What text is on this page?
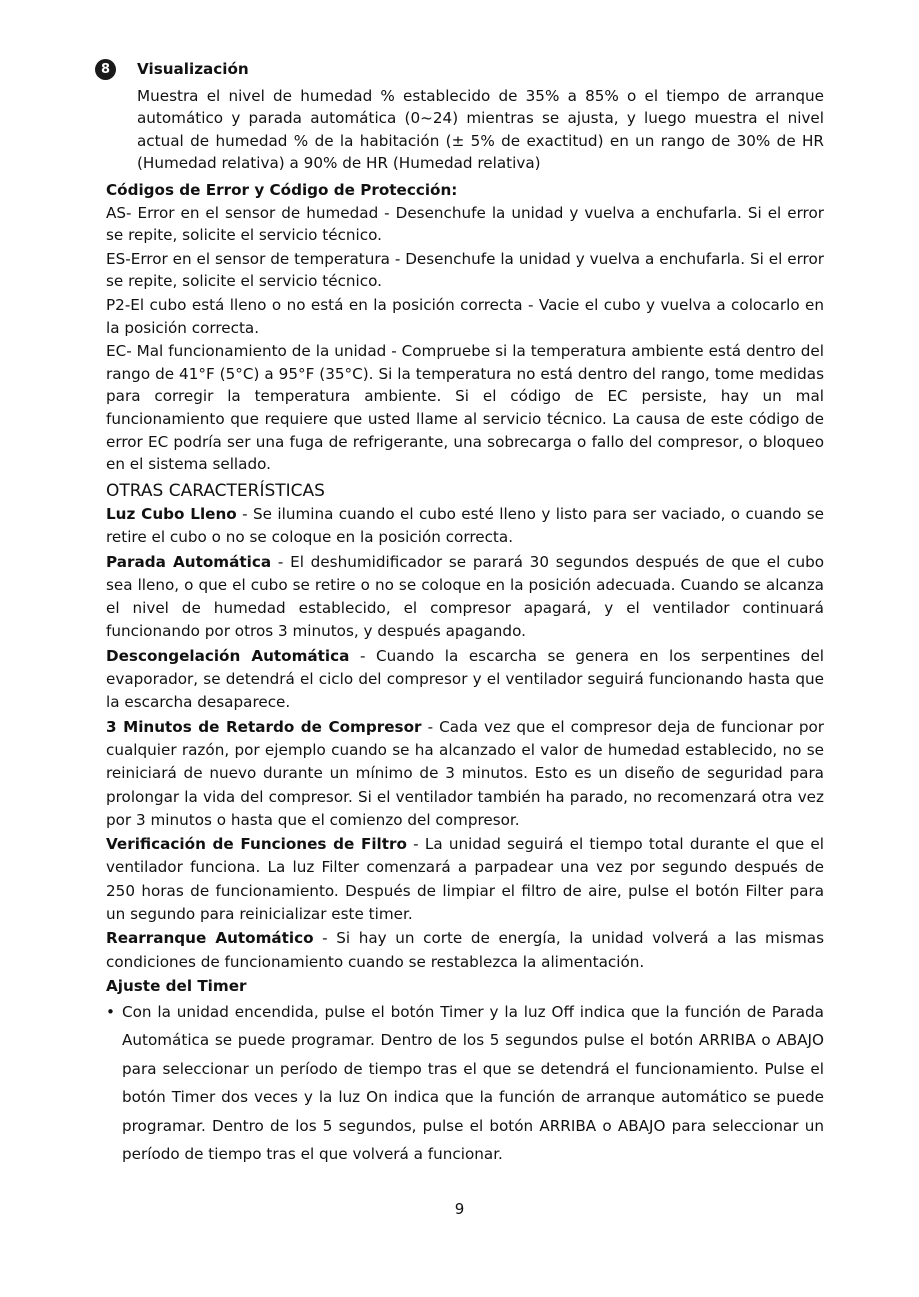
8	Visualización

Muestra el nivel de humedad % establecido de 35% a 85% o el tiempo de arranque automático y parada automática (0~24) mientras se ajusta, y luego muestra el nivel actual de humedad % de la habitación (± 5% de exactitud) en un rango de 30% de HR (Humedad relativa) a 90% de HR (Humedad relativa)

Códigos de Error y Código de Protección:

AS- Error en el sensor de humedad - Desenchufe la unidad y vuelva a enchufarla. Si el error se repite, solicite el servicio técnico.

ES-Error en el sensor de temperatura - Desenchufe la unidad y vuelva a enchufarla. Si el error se repite, solicite el servicio técnico.

P2-El cubo está lleno o no está en la posición correcta - Vacie el cubo y vuelva a colocarlo en la posición correcta.

EC- Mal funcionamiento de la unidad - Compruebe si la temperatura ambiente está dentro del rango de 41°F (5°C) a 95°F (35°C). Si la temperatura no está dentro del rango, tome medidas para corregir la temperatura ambiente. Si el código de EC persiste, hay un mal funcionamiento que requiere que usted llame al servicio técnico. La causa de este código de error EC podría ser una fuga de refrigerante, una sobrecarga o fallo del compresor, o bloqueo en el sistema sellado.

OTRAS CARACTERÍSTICAS

Luz Cubo Lleno - Se ilumina cuando el cubo esté lleno y listo para ser vaciado, o cuando se retire el cubo o no se coloque en la posición correcta.

Parada Automática - El deshumidificador se parará 30 segundos después de que el cubo sea lleno, o que el cubo se retire o no se coloque en la posición adecuada. Cuando se alcanza el nivel de humedad establecido, el compresor apagará, y el ventilador continuará funcionando por otros 3 minutos, y después apagando.

Descongelación Automática - Cuando la escarcha se genera en los serpentines del evaporador, se detendrá el ciclo del compresor y el ventilador seguirá funcionando hasta que la escarcha desaparece.

3 Minutos de Retardo de Compresor - Cada vez que el compresor deja de funcionar por cualquier razón, por ejemplo cuando se ha alcanzado el valor de humedad establecido, no se reiniciará de nuevo durante un mínimo de 3 minutos. Esto es un diseño de seguridad para prolongar la vida del compresor. Si el ventilador también ha parado, no recomenzará otra vez por 3 minutos o hasta que el comienzo del compresor.

Verificación de Funciones de Filtro - La unidad seguirá el tiempo total durante el que el ventilador funciona. La luz Filter comenzará a parpadear una vez por segundo después de 250 horas de funcionamiento. Después de limpiar el filtro de aire, pulse el botón Filter para un segundo para reinicializar este timer.

Rearranque Automático - Si hay un corte de energía, la unidad volverá a las mismas condiciones de funcionamiento cuando se restablezca la alimentación.

Ajuste del Timer
• Con la unidad encendida, pulse el botón Timer y la luz Off indica que la función de Parada Automática se puede programar. Dentro de los 5 segundos pulse el botón ARRIBA o ABAJO para seleccionar un período de tiempo tras el que se detendrá el funcionamiento. Pulse el botón Timer dos veces y la luz On indica que la función de arranque automático se puede programar. Dentro de los 5 segundos, pulse el botón ARRIBA o ABAJO para seleccionar un período de tiempo tras el que volverá a funcionar.

9
